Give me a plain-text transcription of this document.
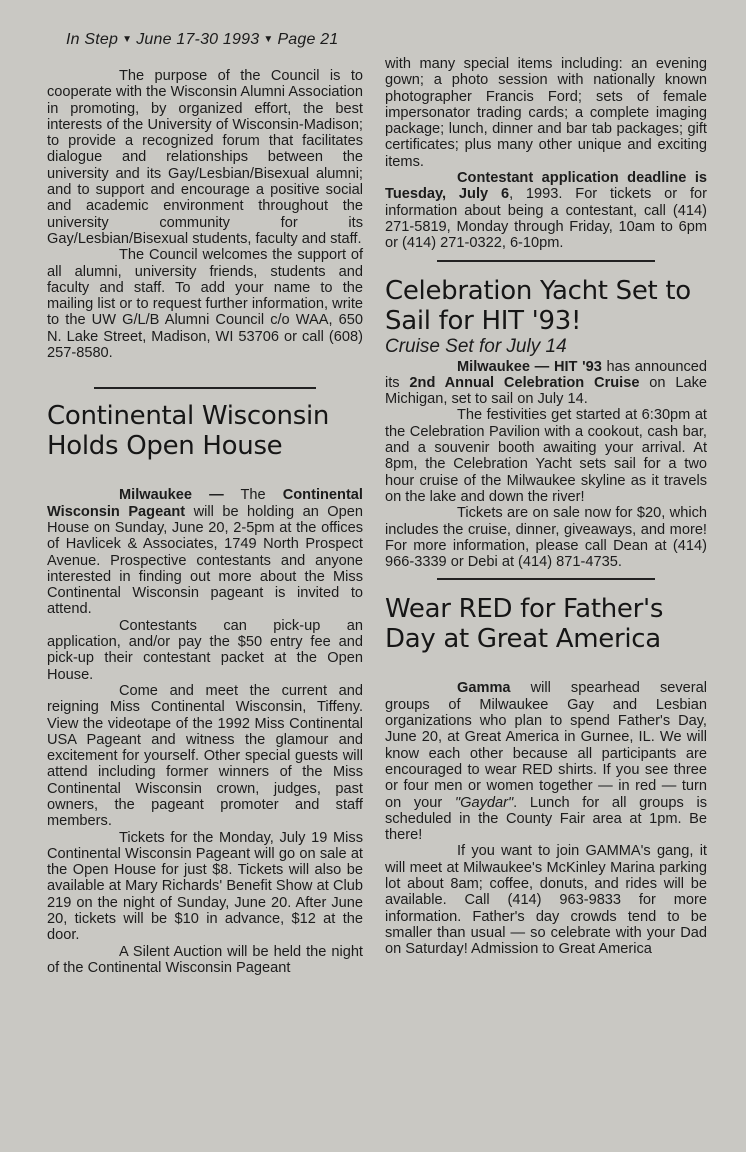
In Step ▼ June 17-30 1993 ▼ Page 21

The purpose of the Council is to cooperate with the Wisconsin Alumni Association in promoting, by organized effort, the best interests of the University of Wisconsin-Madison; to provide a recognized forum that facilitates dialogue and relationships between the university and its Gay/Lesbian/Bisexual alumni; and to support and encourage a positive social and academic environment throughout the university community for its Gay/Lesbian/Bisexual students, faculty and staff.

The Council welcomes the support of all alumni, university friends, students and faculty and staff. To add your name to the mailing list or to request further information, write to the UW G/L/B Alumni Council c/o WAA, 650 N. Lake Street, Madison, WI 53706 or call (608) 257-8580.

Continental Wisconsin Holds Open House

Milwaukee — The Continental Wisconsin Pageant will be holding an Open House on Sunday, June 20, 2-5pm at the offices of Havlicek & Associates, 1749 North Prospect Avenue. Prospective contestants and anyone interested in finding out more about the Miss Continental Wisconsin pageant is invited to attend.

Contestants can pick-up an application, and/or pay the $50 entry fee and pick-up their contestant packet at the Open House.

Come and meet the current and reigning Miss Continental Wisconsin, Tiffeny. View the videotape of the 1992 Miss Continental USA Pageant and witness the glamour and excitement for yourself. Other special guests will attend including former winners of the Miss Continental Wisconsin crown, judges, past owners, the pageant promoter and staff members.

Tickets for the Monday, July 19 Miss Continental Wisconsin Pageant will go on sale at the Open House for just $8. Tickets will also be available at Mary Richards' Benefit Show at Club 219 on the night of Sunday, June 20. After June 20, tickets will be $10 in advance, $12 at the door.

A Silent Auction will be held the night of the Continental Wisconsin Pageant

with many special items including: an evening gown; a photo session with nationally known photographer Francis Ford; sets of female impersonator trading cards; a complete imaging package; lunch, dinner and bar tab packages; gift certificates; plus many other unique and exciting items.

Contestant application deadline is Tuesday, July 6, 1993. For tickets or for information about being a contestant, call (414) 271-5819, Monday through Friday, 10am to 6pm or (414) 271-0322, 6-10pm.

Celebration Yacht Set to Sail for HIT '93!
Cruise Set for July 14

Milwaukee — HIT '93 has announced its 2nd Annual Celebration Cruise on Lake Michigan, set to sail on July 14.

The festivities get started at 6:30pm at the Celebration Pavilion with a cookout, cash bar, and a souvenir booth awaiting your arrival. At 8pm, the Celebration Yacht sets sail for a two hour cruise of the Milwaukee skyline as it travels on the lake and down the river!

Tickets are on sale now for $20, which includes the cruise, dinner, giveaways, and more! For more information, please call Dean at (414) 966-3339 or Debi at (414) 871-4735.

Wear RED for Father's Day at Great America

Gamma will spearhead several groups of Milwaukee Gay and Lesbian organizations who plan to spend Father's Day, June 20, at Great America in Gurnee, IL. We will know each other because all participants are encouraged to wear RED shirts. If you see three or four men or women together — in red — turn on your "Gaydar". Lunch for all groups is scheduled in the County Fair area at 1pm. Be there!

If you want to join GAMMA's gang, it will meet at Milwaukee's McKinley Marina parking lot about 8am; coffee, donuts, and rides will be available. Call (414) 963-9833 for more information. Father's day crowds tend to be smaller than usual — so celebrate with your Dad on Saturday! Admission to Great America
